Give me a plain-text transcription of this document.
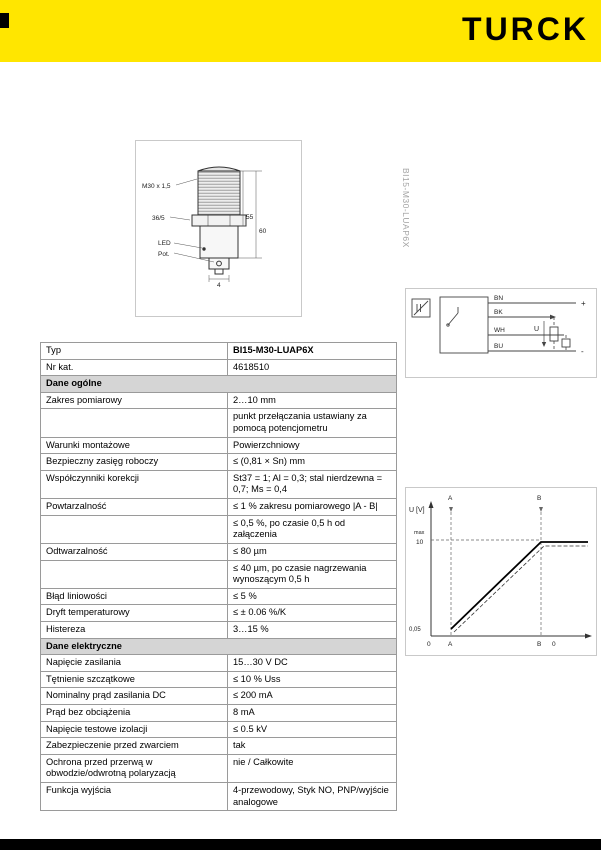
TURCK
M30 x 1,5
36/5	55
60
LED
Pot.
4
BI15-M30-LUAP6X
BN
BK
WH
BU
U
+
-
U [V]
max
10
0,05
A	B
0	A	B 0
Typ	BI15-M30-LUAP6X
Nr kat.	4618510
Dane ogólne	
Zakres pomiarowy	2…10 mm
	punkt przełączania ustawiany za pomocą potencjometru
Warunki montażowe	Powierzchniowy
Bezpieczny zasięg roboczy	≤ (0,81 × Sn) mm
Współczynniki korekcji	St37 = 1; Al = 0,3; stal nierdzewna = 0,7; Ms = 0,4
Powtarzalność	≤ 1 % zakresu pomiarowego |A - B|
	≤ 0,5 %, po czasie 0,5 h od załączenia
Odtwarzalność	≤ 80 µm
	≤ 40 µm, po czasie nagrzewania wynoszącym 0,5 h
Błąd liniowości	≤ 5 %
Dryft temperaturowy	≤ ± 0.06 %/K
Histereza	3…15 %
Dane elektryczne	
Napięcie zasilania	15…30 V DC
Tętnienie szczątkowe	≤ 10 % Uss
Nominalny prąd zasilania DC	≤ 200 mA
Prąd bez obciążenia	8 mA
Napięcie testowe izolacji	≤ 0.5 kV
Zabezpieczenie przed zwarciem	tak
Ochrona przed przerwą w obwodzie/odwrotną polaryzacją	nie / Całkowite
Funkcja wyjścia	4-przewodowy, Styk NO, PNP/wyjście analogowe
